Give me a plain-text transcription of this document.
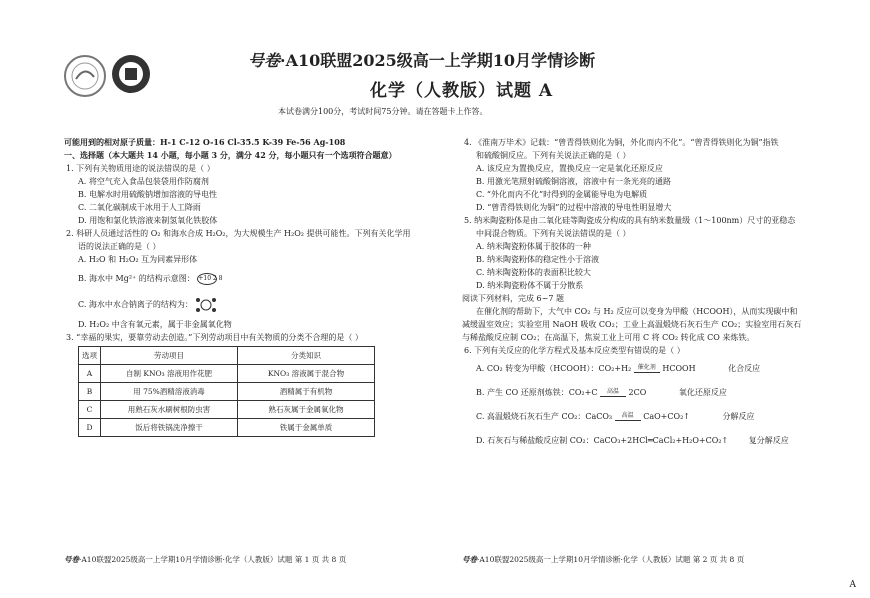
号卷·A10联盟2025级高一上学期10月学情诊断
化学（人教版）试题 A
本试卷满分100分，考试时间75分钟。请在答题卡上作答。
可能用到的相对原子质量：H-1 C-12 O-16 Cl-35.5 K-39 Fe-56 Ag-108
一、选择题（本大题共 14 小题，每小题 3 分，满分 42 分，每小题只有一个选项符合题意）
1. 下列有关物质用途的说法错误的是（ ）
A. 将空气充入食品包装袋用作防腐剂
B. 电解水时用硫酸钠增加溶液的导电性
C. 二氧化碳制成干冰用于人工降雨
D. 用饱和氯化铁溶液来制氢氧化铁胶体
2. 科研人员通过活性的 O₂ 和海水合成 H₂O₂，为大规模生产 H₂O₂ 提供可能性。下列有关化学用
语的说法正确的是（ ）
A. H₂O 和 H₂O₂ 互为同素异形体
B. 海水中 Mg²⁺ 的结构示意图： +10 2 8
C. 海水中水合钠离子的结构为：
D. H₂O₂ 中含有氧元素，属于非金属氧化物
3. “幸福的果实，要靠劳动去创造。”下列劳动项目中有关物质的分类不合理的是（ ）
选项	劳动项目	分类知识
A	自制 KNO₃ 溶液用作花肥	KNO₃ 溶液属于混合物
B	用 75%酒精溶液消毒	酒精属于有机物
C	用熟石灰水刷树根防虫害	熟石灰属于金属氧化物
D	饭后将铁锅洗净擦干	铁属于金属单质
4. 《淮南万毕术》记载：“曾青得铁则化为铜，外化而内不化”。“曾青得铁则化为铜”指铁
和硫酸铜反应。下列有关说法正确的是（ ）
A. 该反应为置换反应，置换反应一定是氧化还原反应
B. 用激光笔照射硫酸铜溶液，溶液中有一条光亮的通路
C. “外化而内不化”时得到的金属能导电为电解质
D. “曾青得铁则化为铜”的过程中溶液的导电性明显增大
5. 纳米陶瓷粉体是由二氧化硅等陶瓷成分构成的具有纳米数量级（1～100nm）尺寸的亚稳态
中间混合物质。下列有关说法错误的是（ ）
A. 纳米陶瓷粉体属于胶体的一种
B. 纳米陶瓷粉体的稳定性小于溶液
C. 纳米陶瓷粉体的表面积比较大
D. 纳米陶瓷粉体不属于分散系
阅读下列材料，完成 6~7 题
在催化剂的帮助下，大气中 CO₂ 与 H₂ 反应可以变身为甲酸（HCOOH），从而实现碳中和
减缓温室效应；实验室用 NaOH 吸收 CO₂；工业上高温煅烧石灰石生产 CO₂；实验室用石灰石
与稀盐酸反应制 CO₂；在高温下，焦炭工业上可用 C 将 CO₂ 转化成 CO 来炼铁。
6. 下列有关反应的化学方程式及基本反应类型有错误的是（ ）
A. CO₂ 转变为甲酸（HCOOH）：CO₂+H₂	催化剂 HCOOH	化合反应
B. 产生 CO 还原剂炼铁：CO₂+C	高温	2CO	氧化还原反应
C. 高温煅烧石灰石生产 CO₂：CaCO₃	高温	CaO+CO₂↑	分解反应
D. 石灰石与稀盐酸反应制 CO₂：CaCO₃+2HCl═CaCl₂+H₂O+CO₂↑	复分解反应
号卷·A10联盟2025级高一上学期10月学情诊断·化学（人教版）试题 第 1 页 共 8 页	号卷·A10联盟2025级高一上学期10月学情诊断·化学（人教版）试题 第 2 页 共 8 页
A
